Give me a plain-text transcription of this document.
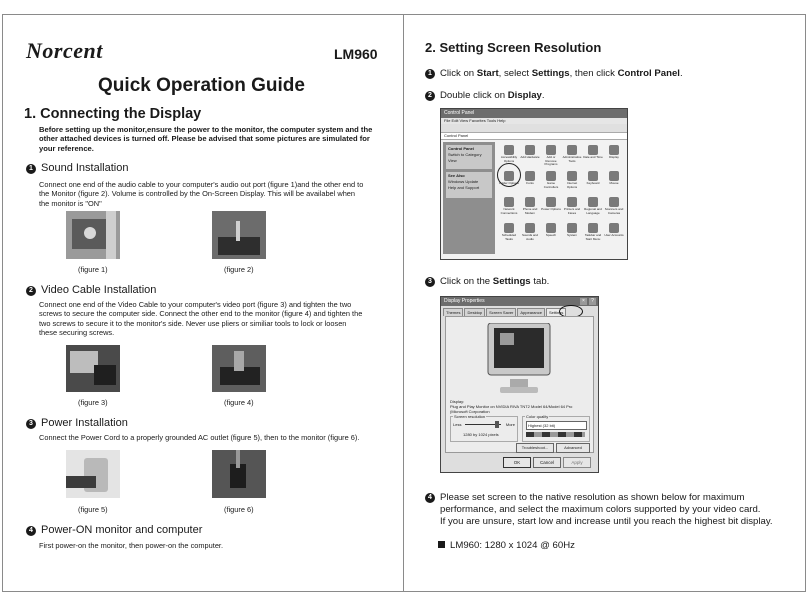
Norcent	LM960
Quick Operation Guide
1. Connecting the Display
Before setting up the monitor,ensure the power to the monitor, the computer system and the
other attached devices is turned off. Please be advised that some pictures are simulated for
your reference.
1 Sound Installation
Connect one end of the audio cable to your computer's audio out port (figure 1)and the other end to
the Monitor (figure 2). Volume is controlled by the On-Screen Display. This will be availabel when
the monitor is "ON"
(figure 1)	(figure 2)
2 Video Cable Installation
Connect one end of the Video Cable to your computer's video port (figure 3) and tighten the two
screws to secure the computer side. Connect the other end to the monitor (figure 4) and tighten the
two screws to secure it to the monitor's side. Never use pliers or similiar tools to lock or loosen
these securing screws.
(figure 3)	(figure 4)
3 Power Installation
Connect the Power Cord to a properly grounded AC outlet (figure 5), then to the monitor (figure 6).
(figure 5)	(figure 6)
4 Power-ON monitor and computer
First power-on the monitor, then power-on the computer.
2. Setting Screen Resolution
1 Click on Start, select Settings, then click Control Panel.
2 Double click on Display.
Control Panel
File Edit View Favorites Tools Help
Control Panel
Control Panel
Switch to Category View
See Also
Windows Update
Help and Support
Accessibility Options
Add Hardware	Add or Remove Programs
Administrative Tools
Date and Time	Display
Folder Options	Fonts	Game Controllers
Internet Options
Keyboard	Mouse
Network Connections
Phone and Modem
Power Options	Printers and Faxes
Regional and Language
Scanners and Cameras
Scheduled Tasks
Sounds and Audio
Speech	System	Taskbar and Start Menu
User Accounts
3 Click on the Settings tab.
Display Properties	?
×
Themes	Desktop	Screen Saver	Appearance	Settings
Display:
Plug and Play Monitor on NVIDIA RIVA TNT2 Model 64/Model 64 Pro
(Microsoft Corporation
Screen resolution
Less	More
1280 by 1024 pixels
Color quality
Highest (32 bit)
Troubleshoot...	Advanced
OK	Cancel	Apply
4 Please set screen to the native resolution as shown below for maximum
performance, and select the maximum colors supported by your video card.
If you are unsure, start low and increase until you reach the highest bit display.
LM960: 1280 x 1024 @ 60Hz
